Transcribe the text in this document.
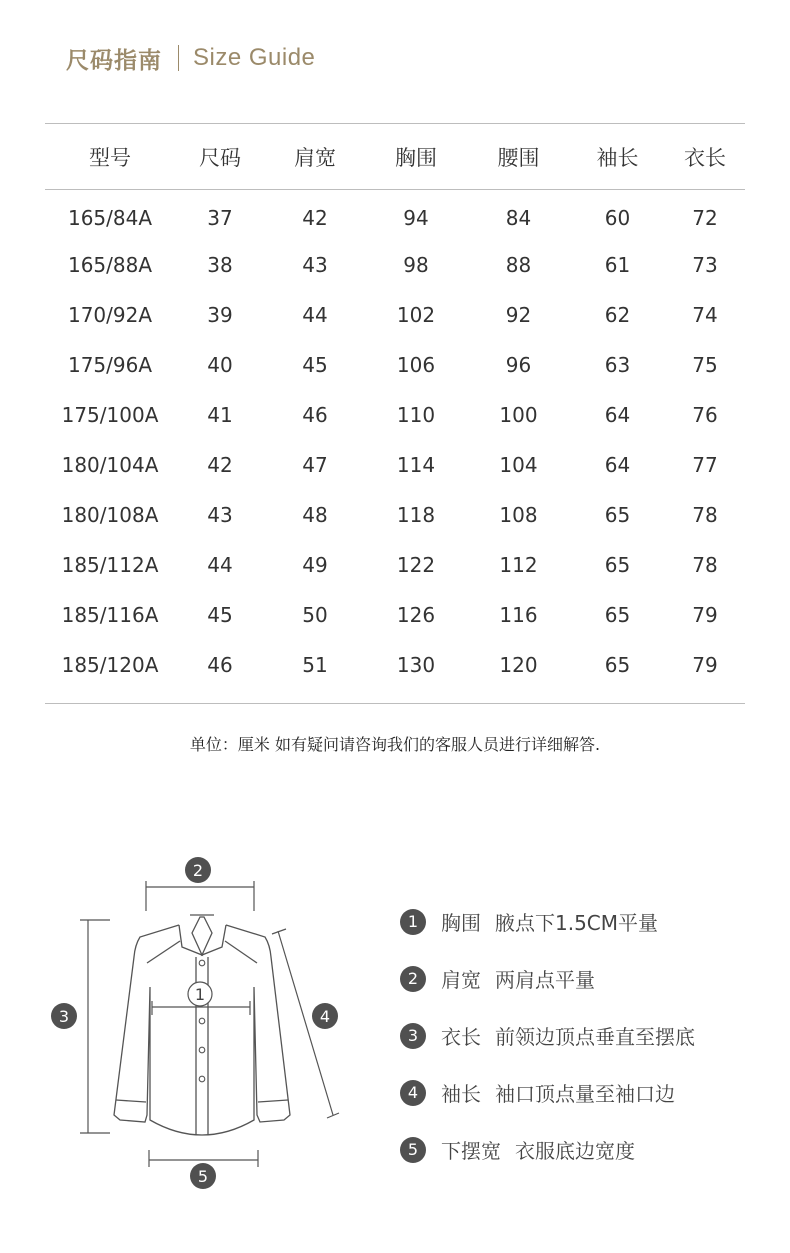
尺码指南 Size Guide
型号	尺码	肩宽	胸围	腰围	袖长	衣长
165/84A	37	42	94	84	60	72
165/88A	38	43	98	88	61	73
170/92A	39	44	102	92	62	74
175/96A	40	45	106	96	63	75
175/100A	41	46	110	100	64	76
180/104A	42	47	114	104	64	77
180/108A	43	48	118	108	65	78
185/112A	44	49	122	112	65	78
185/116A	45	50	126	116	65	79
185/120A	46	51	130	120	65	79

单位：厘米 如有疑问请咨询我们的客服人员进行详细解答.
2
1
3	4
5
1	胸围 腋点下1.5CM平量
2	肩宽 两肩点平量
3	衣长 前领边顶点垂直至摆底
4	袖长 袖口顶点量至袖口边
5	下摆宽 衣服底边宽度
